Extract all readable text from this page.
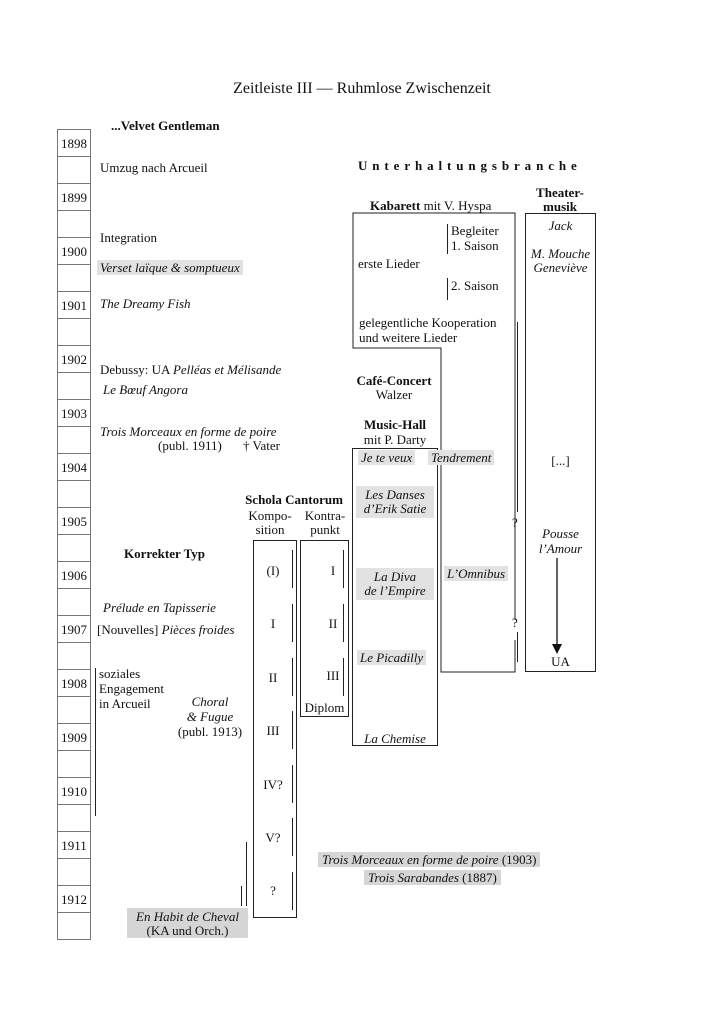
Zeitleiste III — Ruhmlose Zwischenzeit
1898
1899
1900
1901
1902
1903
1904
1905
1906
1907
1908
1909
1910
1911
1912
...Velvet Gentleman
Umzug nach Arcueil
Integration
Verset laïque & somptueux
The Dreamy Fish
Debussy: UA Pelléas et Mélisande
Le Bœuf Angora
Trois Morceaux en forme de poire
(publ. 1911) † Vater
Korrekter Typ
Prélude en Tapisserie
[Nouvelles] Pièces froides
soziales
Engagement
in Arcueil	Choral
& Fugue
(publ. 1913)
En Habit de Cheval
(KA und Orch.)
Schola Cantorum
Kompo-
sition
Kontra-
punkt
(I)
I
II
III
IV?
V?
?
I
II
III
Diplom
Unterhaltungsbranche
Kabarett mit V. Hyspa
Begleiter
1. Saison
erste Lieder
2. Saison
gelegentliche Kooperation
und weitere Lieder
?
?
Café-Concert
Walzer
Music-Hall
mit P. Darty
Je te veux Tendrement
Les Danses
d’Erik Satie
La Diva
de l’Empire
L’Omnibus
Le Picadilly
La Chemise
Theater-
musik
Jack
M. Mouche
Geneviève
[...]
Pousse
l’Amour
UA
Trois Morceaux en forme de poire (1903)
Trois Sarabandes (1887)
